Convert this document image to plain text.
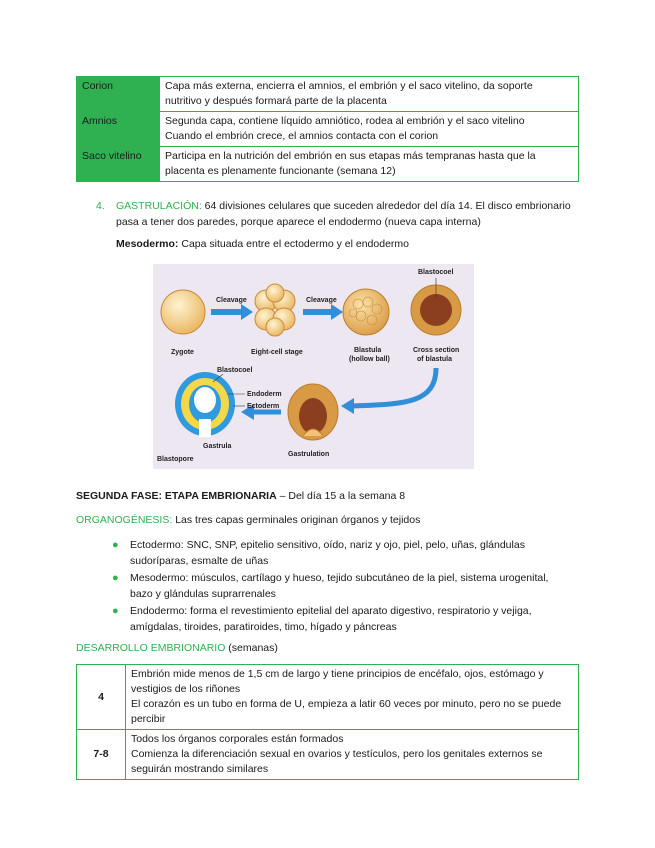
Corion	Capa más externa, encierra el amnios, el embrión y el saco vitelino, da soporte
nutritivo y después formará parte de la placenta

Amnios	Segunda capa, contiene líquido amniótico, rodea al embrión y el saco vitelino
Cuando el embrión crece, el amnios contacta con el corion

Saco vitelino	Participa en la nutrición del embrión en sus etapas más tempranas hasta que la
placenta es plenamente funcionante (semana 12)
4. GASTRULACIÓN: 64 divisiones celulares que suceden alrededor del día 14. El disco embrionario
pasa a tener dos paredes, porque aparece el endodermo (nueva capa interna)
Mesodermo: Capa situada entre el ectodermo y el endodermo
Blastocoel
Cleavage	Cleavage
Zygote	Eight-cell stage	Blastula
(hollow ball)
Cross section
of blastula
Gastrulation
Blastocoel
Endoderm
Ectoderm
Gastrula
Blastopore
SEGUNDA FASE: ETAPA EMBRIONARIA – Del día 15 a la semana 8
ORGANOGÉNESIS: Las tres capas germinales originan órganos y tejidos
● Ectodermo: SNC, SNP, epitelio sensitivo, oído, nariz y ojo, piel, pelo, uñas, glándulas
sudoríparas, esmalte de uñas
● Mesodermo: músculos, cartílago y hueso, tejido subcutáneo de la piel, sistema urogenital,
bazo y glándulas suprarrenales
● Endodermo: forma el revestimiento epitelial del aparato digestivo, respiratorio y vejiga,
amígdalas, tiroides, paratiroides, timo, hígado y páncreas
DESARROLLO EMBRIONARIO (semanas)
4	Embrión mide menos de 1,5 cm de largo y tiene principios de encéfalo, ojos, estómago y
vestigios de los riñones
El corazón es un tubo en forma de U, empieza a latir 60 veces por minuto, pero no se puede
percibir

7-8	Todos los órganos corporales están formados
Comienza la diferenciación sexual en ovarios y testículos, pero los genitales externos se
seguirán mostrando similares
